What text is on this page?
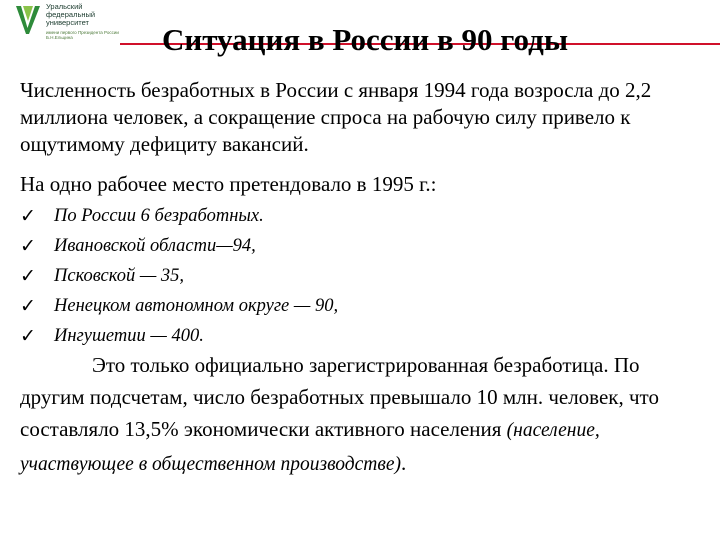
Уральский
федеральный
университет
имени первого Президента России Б.Н.Ельцина	Ситуация в России в 90 годы

Численность безработных в России с января 1994 года возросла до 2,2 миллиона человек, а сокращение спроса на рабочую силу привело к ощутимому дефициту вакансий.

На одно рабочее место претендовало в 1995 г.:

✓ По России 6 безработных.
✓ Ивановской области—94,
✓ Псковской — 35,
✓ Ненецком автономном округе — 90,
✓ Ингушетии — 400.

Это только официально зарегистрированная безработица. По другим подсчетам, число безработных превышало 10 млн. человек, что составляло 13,5% экономически активного населения (население, участвующее в общественном производстве).
